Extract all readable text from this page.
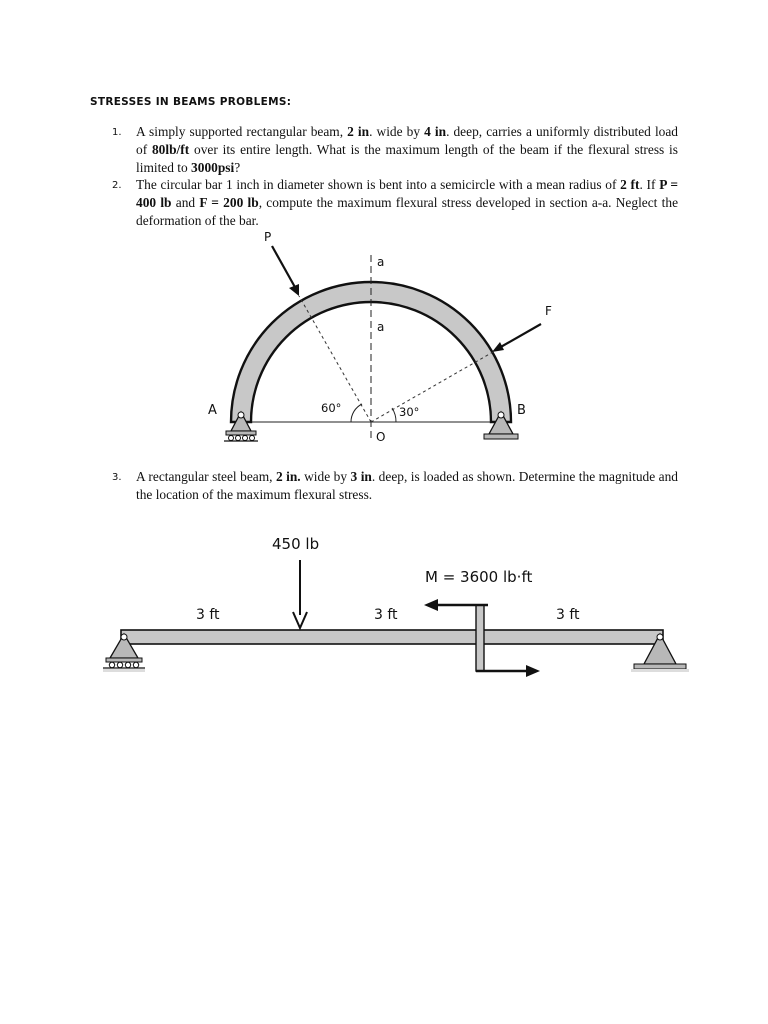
STRESSES IN BEAMS PROBLEMS:
1. A simply supported rectangular beam, 2 in. wide by 4 in. deep, carries a uniformly distributed load of 80lb/ft over its entire length. What is the maximum length of the beam if the flexural stress is limited to 3000psi?
2. The circular bar 1 inch in diameter shown is bent into a semicircle with a mean radius of 2 ft. If P = 400 lb and F = 200 lb, compute the maximum flexural stress developed in section a-a. Neglect the deformation of the bar.
P
F
a
a
A	B
60°	30°
O
3. A rectangular steel beam, 2 in. wide by 3 in. deep, is loaded as shown. Determine the magnitude and the location of the maximum flexural stress.
450 lb
M = 3600 lb·ft
3 ft	3 ft	3 ft
